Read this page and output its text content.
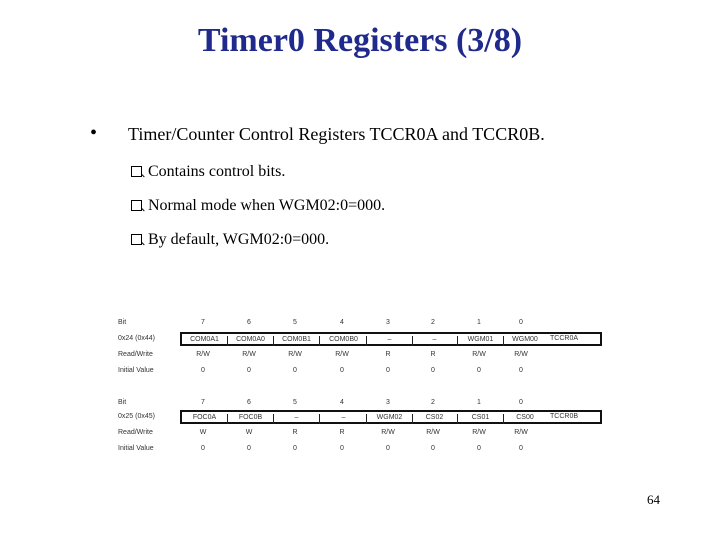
Timer0 Registers (3/8)
• Timer/Counter Control Registers TCCR0A and TCCR0B.
Contains control bits.
Normal mode when WGM02:0=000.
By default, WGM02:0=000.
Bit	7	6	5	4	3	2	1	0
0x24 (0x44)	COM0A1	COM0A0	COM0B1	COM0B0	–	–	WGM01	WGM00	TCCR0A
Read/Write	R/W	R/W	R/W	R/W	R	R	R/W	R/W
Initial Value	0	0	0	0	0	0	0	0
Bit	7	6	5	4	3	2	1	0
0x25 (0x45)	FOC0A	FOC0B	–	–	WGM02	CS02	CS01	CS00	TCCR0B
Read/Write	W	W	R	R	R/W	R/W	R/W	R/W
Initial Value	0	0	0	0	0	0	0	0
64
